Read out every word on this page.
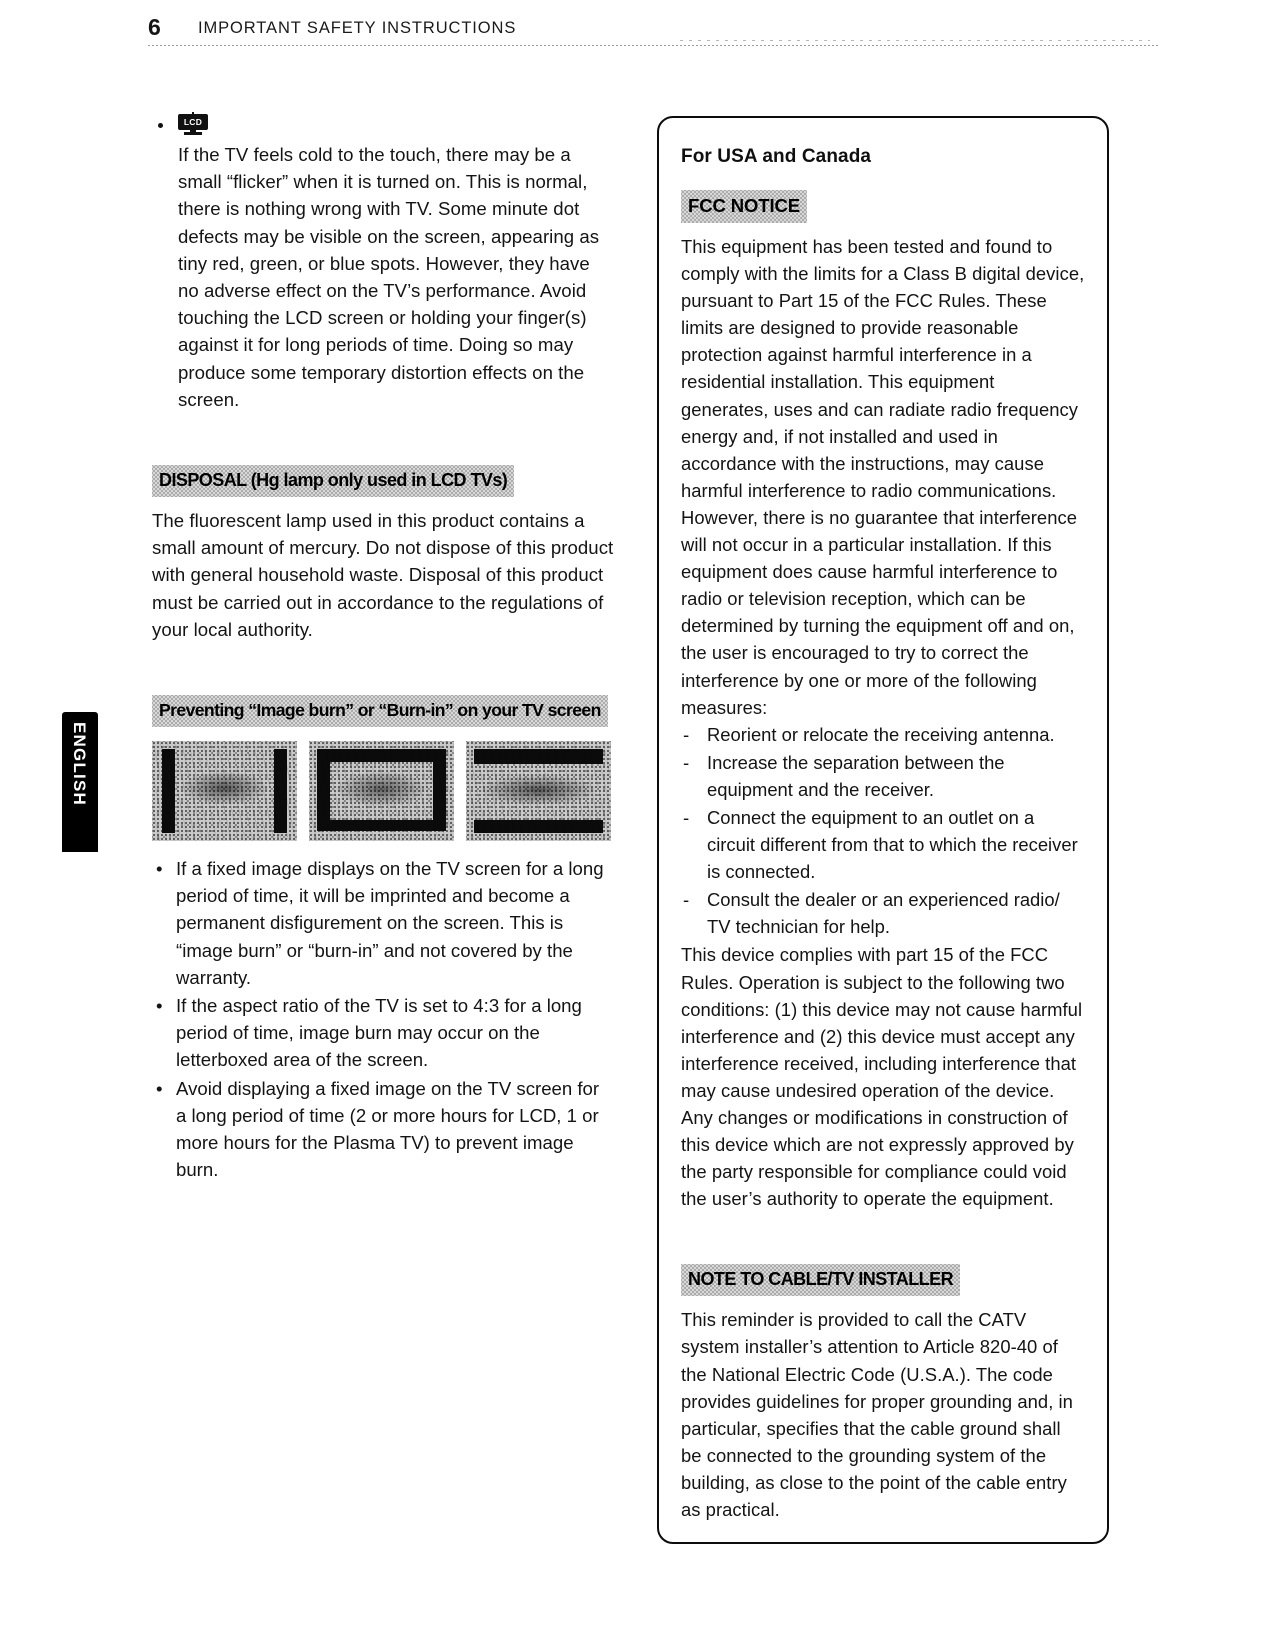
6 IMPORTANT SAFETY INSTRUCTIONS
ENGLISH
LCD

If the TV feels cold to the touch, there may be a small “flicker” when it is turned on. This is normal, there is nothing wrong with TV. Some minute dot defects may be visible on the screen, appearing as tiny red, green, or blue spots. However, they have no adverse effect on the TV’s performance. Avoid touching the LCD screen or holding your finger(s) against it for long periods of time. Doing so may produce some temporary distortion effects on the screen.

DISPOSAL (Hg lamp only used in LCD TVs)

The fluorescent lamp used in this product contains a small amount of mercury. Do not dispose of this product with general household waste. Disposal of this product must be carried out in accordance to the regulations of your local authority.

Preventing “Image burn” or “Burn-in” on your TV screen
• If a fixed image displays on the TV screen for a long period of time, it will be imprinted and become a permanent disfigurement on the screen. This is “image burn” or “burn-in” and not covered by the warranty.
• If the aspect ratio of the TV is set to 4:3 for a long period of time, image burn may occur on the letterboxed area of the screen.
• Avoid displaying a fixed image on the TV screen for a long period of time (2 or more hours for LCD, 1 or more hours for the Plasma TV) to prevent image burn.
For USA and Canada
FCC NOTICE

This equipment has been tested and found to comply with the limits for a Class B digital device, pursuant to Part 15 of the FCC Rules. These limits are designed to provide reasonable protection against harmful interference in a residential installation. This equipment generates, uses and can radiate radio frequency energy and, if not installed and used in accordance with the instructions, may cause harmful interference to radio communications. However, there is no guarantee that interference will not occur in a particular installation. If this equipment does cause harmful interference to radio or television reception, which can be determined by turning the equipment off and on, the user is encouraged to try to correct the interference by one or more of the following measures:

- Reorient or relocate the receiving antenna.
- Increase the separation between the equipment and the receiver.
- Connect the equipment to an outlet on a circuit different from that to which the receiver is connected.
- Consult the dealer or an experienced radio/ TV technician for help.

This device complies with part 15 of the FCC Rules. Operation is subject to the following two conditions: (1) this device may not cause harmful interference and (2) this device must accept any interference received, including interference that may cause undesired operation of the device.

Any changes or modifications in construction of this device which are not expressly approved by the party responsible for compliance could void the user’s authority to operate the equipment.

NOTE TO CABLE/TV INSTALLER

This reminder is provided to call the CATV system installer’s attention to Article 820-40 of the National Electric Code (U.S.A.). The code provides guidelines for proper grounding and, in particular, specifies that the cable ground shall be connected to the grounding system of the building, as close to the point of the cable entry as practical.
